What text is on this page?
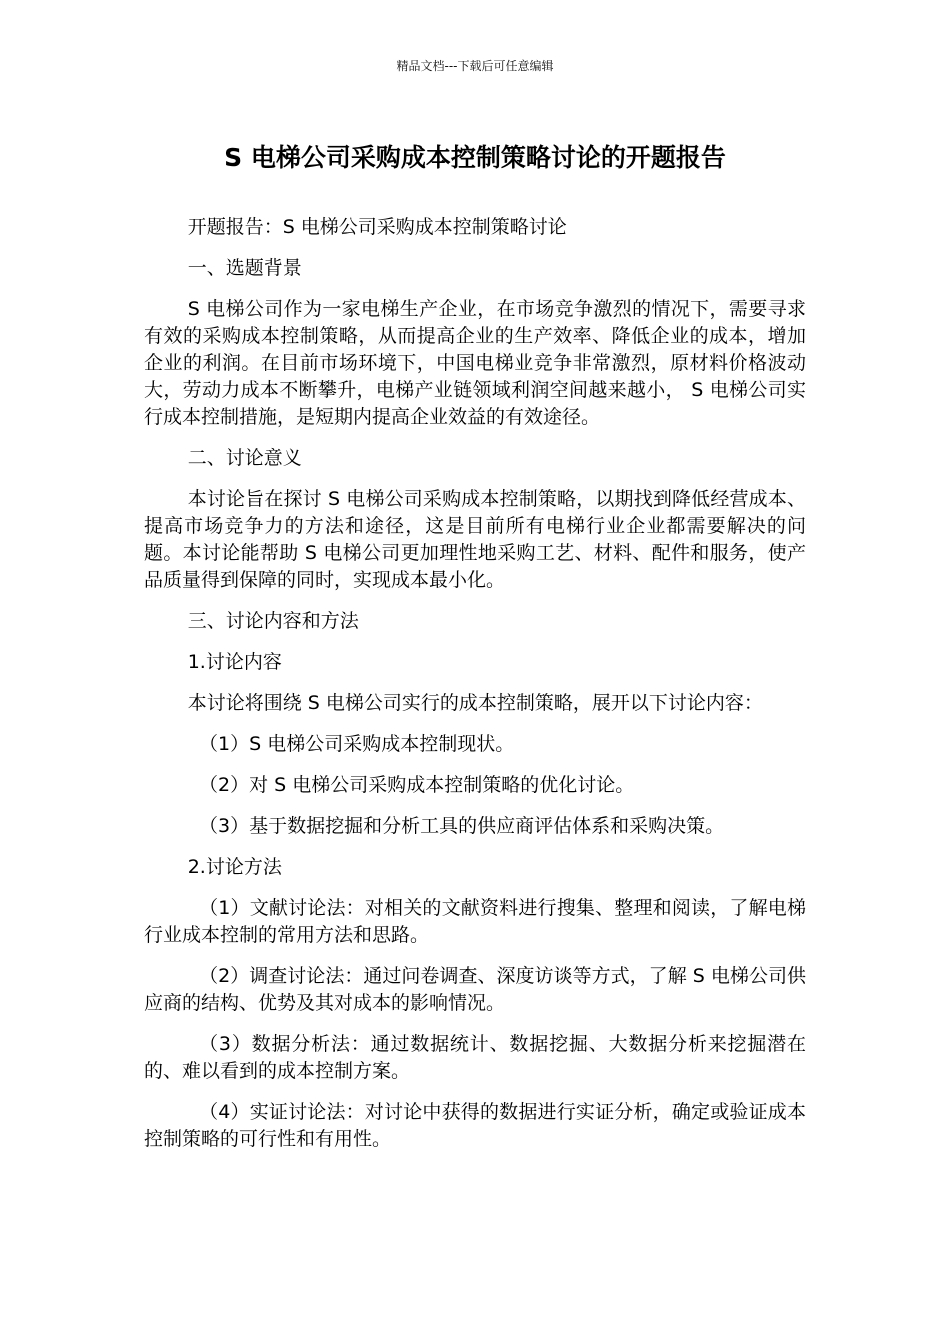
精品文档---下载后可任意编辑
S 电梯公司采购成本控制策略讨论的开题报告

开题报告：S 电梯公司采购成本控制策略讨论

一、选题背景

S 电梯公司作为一家电梯生产企业，在市场竞争激烈的情况下，需要寻求有效的采购成本控制策略，从而提高企业的生产效率、降低企业的成本，增加企业的利润。在目前市场环境下，中国电梯业竞争非常激烈，原材料价格波动大，劳动力成本不断攀升，电梯产业链领域利润空间越来越小， S 电梯公司实行成本控制措施，是短期内提高企业效益的有效途径。

二、讨论意义

本讨论旨在探讨 S 电梯公司采购成本控制策略，以期找到降低经营成本、提高市场竞争力的方法和途径，这是目前所有电梯行业企业都需要解决的问题。本讨论能帮助 S 电梯公司更加理性地采购工艺、材料、配件和服务，使产品质量得到保障的同时，实现成本最小化。

三、讨论内容和方法

1.讨论内容

本讨论将围绕 S 电梯公司实行的成本控制策略，展开以下讨论内容：

（1）S 电梯公司采购成本控制现状。

（2）对 S 电梯公司采购成本控制策略的优化讨论。

（3）基于数据挖掘和分析工具的供应商评估体系和采购决策。

2.讨论方法

（1）文献讨论法：对相关的文献资料进行搜集、整理和阅读，了解电梯行业成本控制的常用方法和思路。

（2）调查讨论法：通过问卷调查、深度访谈等方式，了解 S 电梯公司供应商的结构、优势及其对成本的影响情况。

（3）数据分析法：通过数据统计、数据挖掘、大数据分析来挖掘潜在的、难以看到的成本控制方案。

（4）实证讨论法：对讨论中获得的数据进行实证分析，确定或验证成本控制策略的可行性和有用性。
